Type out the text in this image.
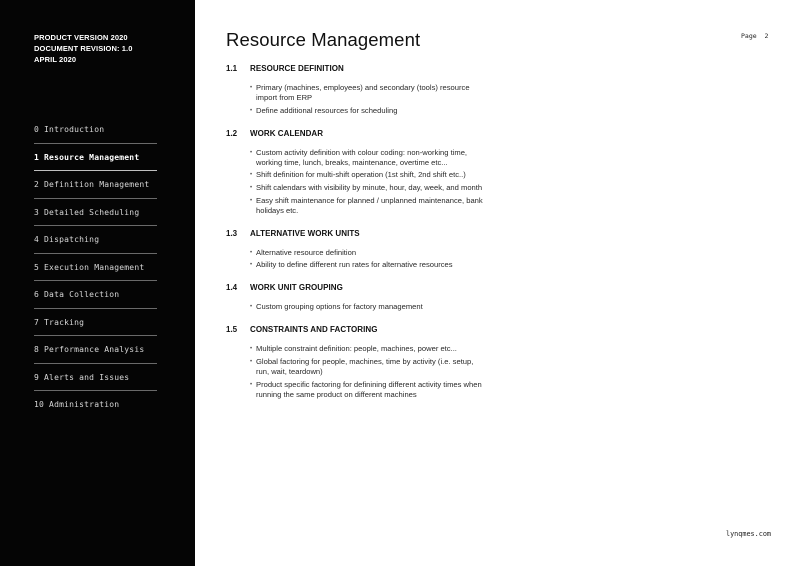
PRODUCT VERSION 2020
DOCUMENT REVISION: 1.0
APRIL 2020
0 Introduction
1 Resource Management
2 Definition Management
3 Detailed Scheduling
4 Dispatching
5 Execution Management
6 Data Collection
7 Tracking
8 Performance Analysis
9 Alerts and Issues
10 Administration
Page  2
Resource Management
1.1	RESOURCE DEFINITION
• Primary (machines, employees) and secondary (tools) resource import from ERP
• Define additional resources for scheduling
1.2	WORK CALENDAR
• Custom activity definition with colour coding: non-working time, working time, lunch, breaks, maintenance, overtime etc...
• Shift definition for multi-shift operation (1st shift, 2nd shift etc..)
• Shift calendars with visibility by minute, hour, day, week, and month
• Easy shift maintenance for planned / unplanned maintenance, bank holidays etc.
1.3	ALTERNATIVE WORK UNITS
• Alternative resource definition
• Ability to define different run rates for alternative resources
1.4	WORK UNIT GROUPING
• Custom grouping options for factory management
1.5	CONSTRAINTS AND FACTORING
• Multiple constraint definition: people, machines, power etc...
• Global factoring for people, machines, time by activity (i.e. setup, run, wait, teardown)
• Product specific factoring for definining different activity times when running the same product on different machines
lynqmes.com
